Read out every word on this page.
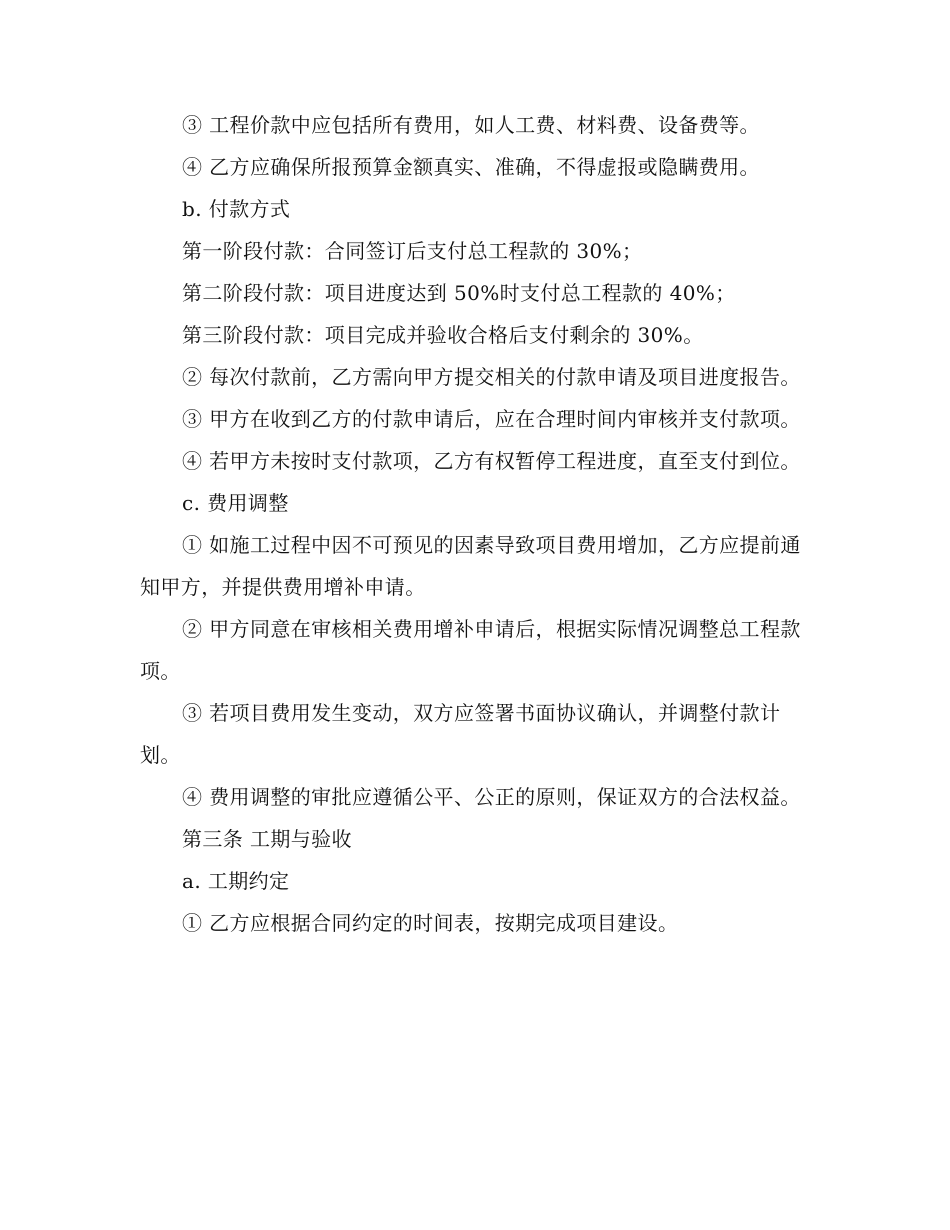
③ 工程价款中应包括所有费用，如人工费、材料费、设备费等。

④ 乙方应确保所报预算金额真实、准确，不得虚报或隐瞒费用。

b. 付款方式

第一阶段付款：合同签订后支付总工程款的 30%；

第二阶段付款：项目进度达到 50%时支付总工程款的 40%；

第三阶段付款：项目完成并验收合格后支付剩余的 30%。

② 每次付款前，乙方需向甲方提交相关的付款申请及项目进度报告。

③ 甲方在收到乙方的付款申请后，应在合理时间内审核并支付款项。

④ 若甲方未按时支付款项，乙方有权暂停工程进度，直至支付到位。

c. 费用调整

① 如施工过程中因不可预见的因素导致项目费用增加，乙方应提前通知甲方，并提供费用增补申请。

② 甲方同意在审核相关费用增补申请后，根据实际情况调整总工程款项。

③ 若项目费用发生变动，双方应签署书面协议确认，并调整付款计划。

④ 费用调整的审批应遵循公平、公正的原则，保证双方的合法权益。

第三条 工期与验收

a. 工期约定

① 乙方应根据合同约定的时间表，按期完成项目建设。
